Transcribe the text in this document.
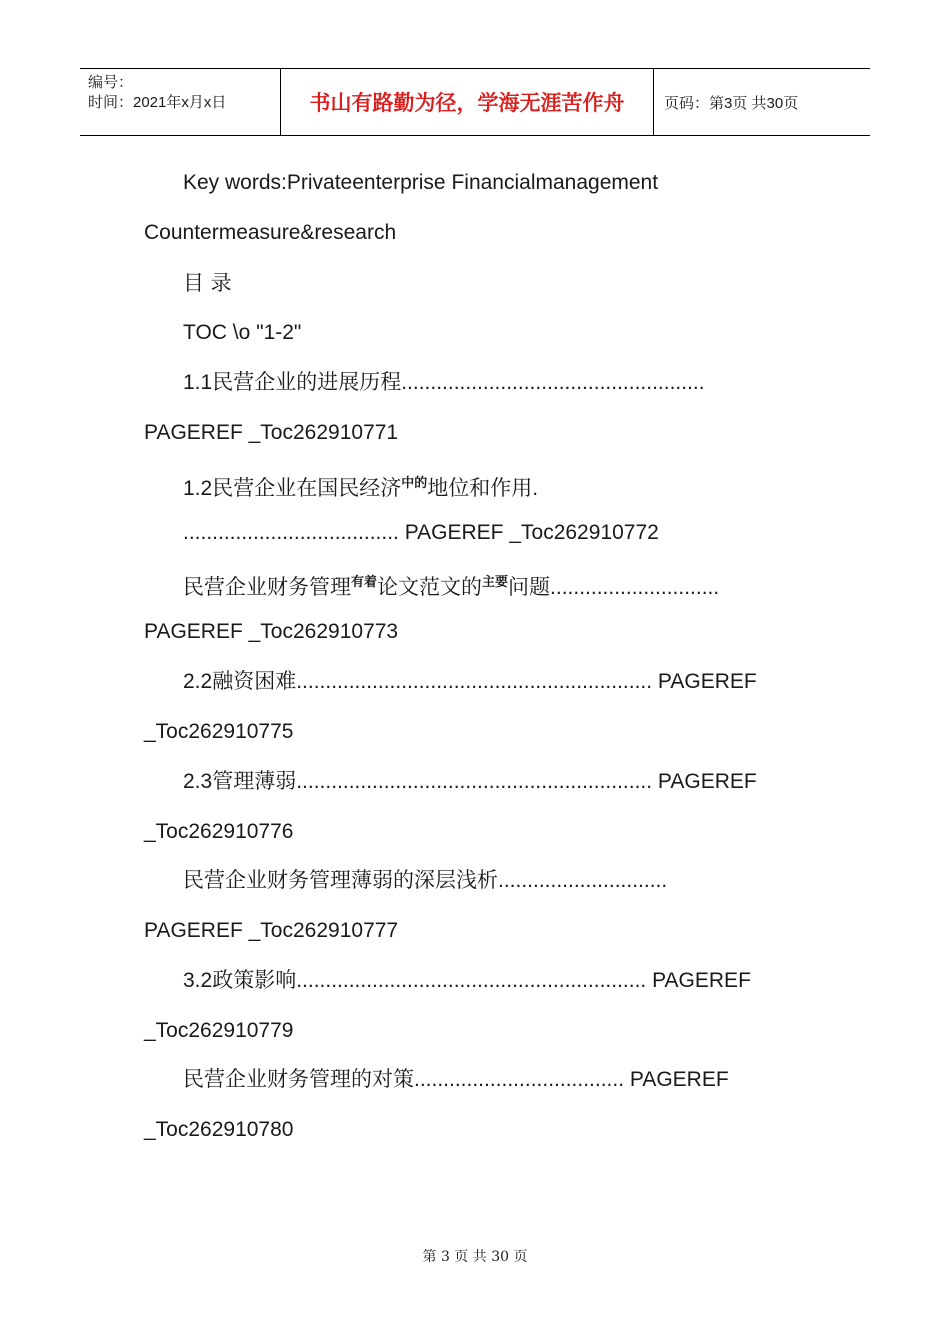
编号：
时间：2021年x月x日	书山有路勤为径，学海无涯苦作舟	页码：第3页 共30页
Key words:Privateenterprise Financialmanagement
Countermeasure&research
目 录
TOC \o "1-2"
1.1民营企业的进展历程....................................................
PAGEREF _Toc262910771
1.2民营企业在国民经济$^{中的}$地位和作用.
..................................... PAGEREF _Toc262910772
民营企业财务管理$^{有着}$论文范文的$^{主要}$问题.............................
PAGEREF _Toc262910773
2.2融资困难............................................................. PAGEREF
_Toc262910775
2.3管理薄弱............................................................. PAGEREF
_Toc262910776
民营企业财务管理薄弱的深层浅析.............................
PAGEREF _Toc262910777
3.2政策影响............................................................ PAGEREF
_Toc262910779
民营企业财务管理的对策.................................... PAGEREF
_Toc262910780
第 3 页 共 30 页
